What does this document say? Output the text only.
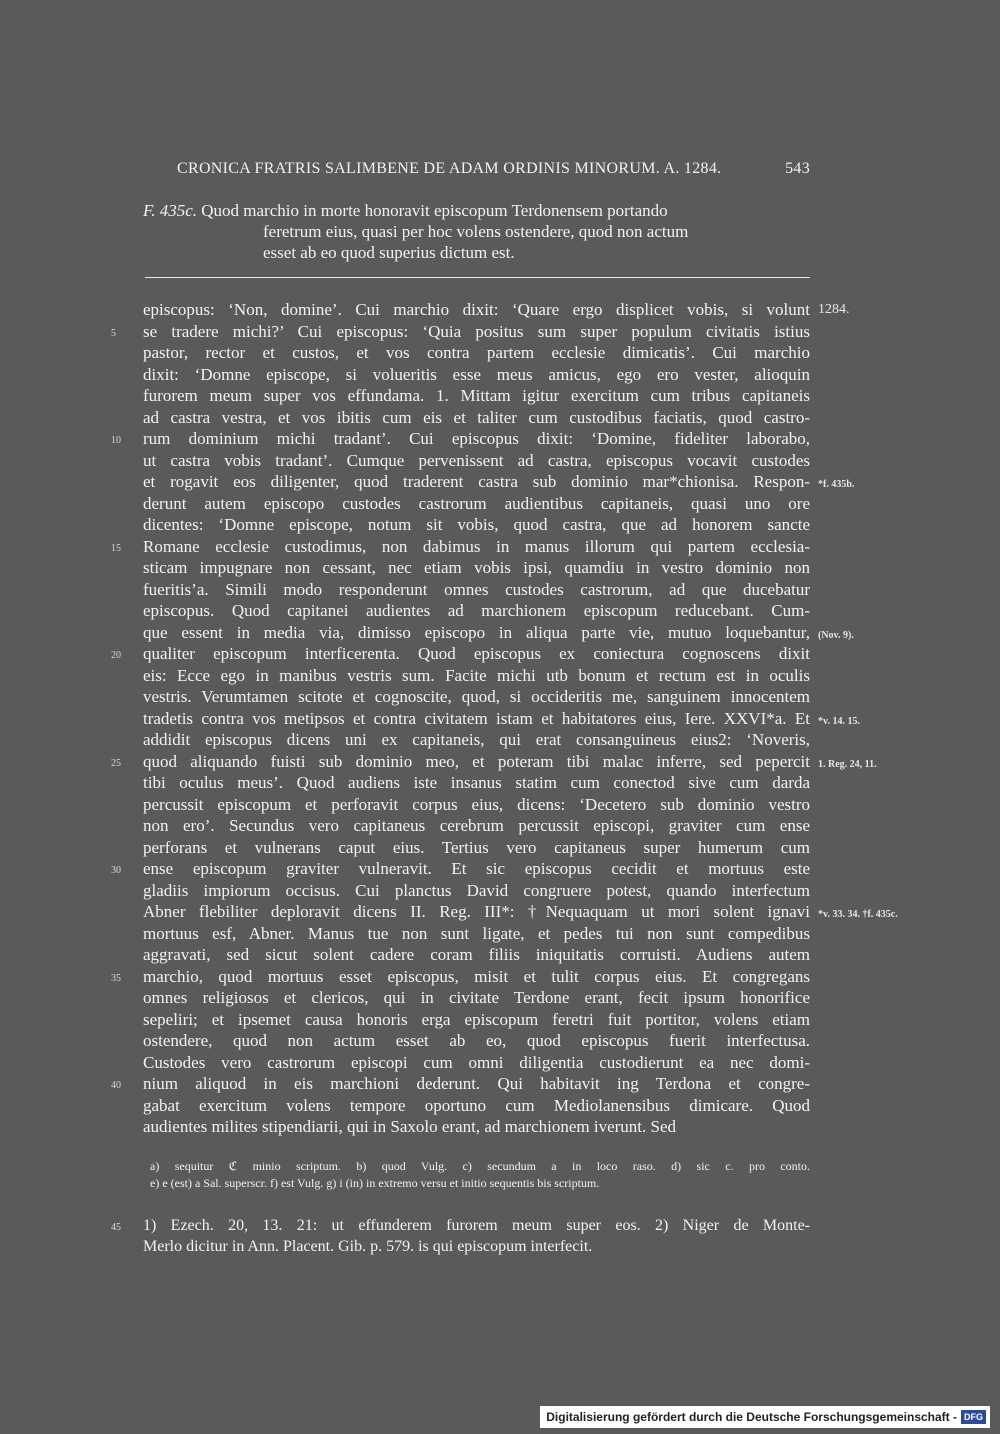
CRONICA FRATRIS SALIMBENE DE ADAM ORDINIS MINORUM. A. 1284.	543
F. 435c. Quod marchio in morte honoravit episcopum Terdonensem portando
feretrum eius, quasi per hoc volens ostendere, quod non actum
esset ab eo quod superius dictum est.
episcopus: ‘Non, domine’. Cui marchio dixit: ‘Quare ergo displicet vobis, si volunt 1284.
se tradere michi?’ Cui episcopus: ‘Quia positus sum super populum civitatis istius
5
pastor, rector et custos, et vos contra partem ecclesie dimicatis’. Cui marchio
dixit: ‘Domne episcope, si volueritis esse meus amicus, ego ero vester, alioquin
furorem meum super vos effundama. 1. Mittam igitur exercitum cum tribus capitaneis
ad castra vestra, et vos ibitis cum eis et taliter cum custodibus faciatis, quod castro-
rum dominium michi tradant’. Cui episcopus dixit: ‘Domine, fideliter laborabo,
10
ut castra vobis tradant’. Cumque pervenissent ad castra, episcopus vocavit custodes
et rogavit eos diligenter, quod traderent castra sub dominio mar*chionisa. Respon- *f. 435b.
derunt autem episcopo custodes castrorum audientibus capitaneis, quasi uno ore
dicentes: ‘Domne episcope, notum sit vobis, quod castra, que ad honorem sancte
Romane ecclesie custodimus, non dabimus in manus illorum qui partem ecclesia-
15
sticam impugnare non cessant, nec etiam vobis ipsi, quamdiu in vestro dominio non
fueritis’a. Simili modo responderunt omnes custodes castrorum, ad que ducebatur
episcopus. Quod capitanei audientes ad marchionem episcopum reducebant. Cum-
que essent in media via, dimisso episcopo in aliqua parte vie, mutuo loquebantur, (Nov. 9).
qualiter episcopum interficerenta. Quod episcopus ex coniectura cognoscens dixit
20
eis: Ecce ego in manibus vestris sum. Facite michi utb bonum et rectum est in oculis
vestris. Verumtamen scitote et cognoscite, quod, si occideritis me, sanguinem innocentem
tradetis contra vos metipsos et contra civitatem istam et habitatores eius, Iere. XXVI*a. Et *v. 14. 15.
addidit episcopus dicens uni ex capitaneis, qui erat consanguineus eius2: ‘Noveris,
quod aliquando fuisti sub dominio meo, et poteram tibi malac inferre, sed pepercit
25	1. Reg. 24, 11.
tibi oculus meus’. Quod audiens iste insanus statim cum conectod sive cum darda
percussit episcopum et perforavit corpus eius, dicens: ‘Decetero sub dominio vestro
non ero’. Secundus vero capitaneus cerebrum percussit episcopi, graviter cum ense
perforans et vulnerans caput eius. Tertius vero capitaneus super humerum cum
ense episcopum graviter vulneravit. Et sic episcopus cecidit et mortuus este
30
gladiis impiorum occisus. Cui planctus David congruere potest, quando interfectum
Abner flebiliter deploravit dicens II. Reg. III*: †Nequaquam ut mori solent ignavi *v. 33. 34. †f. 435c.
mortuus esf, Abner. Manus tue non sunt ligate, et pedes tui non sunt compedibus
aggravati, sed sicut solent cadere coram filiis iniquitatis corruisti. Audiens autem
marchio, quod mortuus esset episcopus, misit et tulit corpus eius. Et congregans
35
omnes religiosos et clericos, qui in civitate Terdone erant, fecit ipsum honorifice
sepeliri; et ipsemet causa honoris erga episcopum feretri fuit portitor, volens etiam
ostendere, quod non actum esset ab eo, quod episcopus fuerit interfectusa.
Custodes vero castrorum episcopi cum omni diligentia custodierunt ea nec domi-
nium aliquod in eis marchioni dederunt. Qui habitavit ing Terdona et congre-
40
gabat exercitum volens tempore oportuno cum Mediolanensibus dimicare. Quod
audientes milites stipendiarii, qui in Saxolo erant, ad marchionem iverunt. Sed
a) sequitur ℭ minio scriptum. b) quod Vulg. c) secundum a in loco raso. d) sic c. pro conto.
e) e (est) a Sal. superscr. f) est Vulg. g) i (in) in extremo versu et initio sequentis bis scriptum.
45	1) Ezech. 20, 13. 21: ut effunderem furorem meum super eos. 2) Niger de Monte-
Merlo dicitur in Ann. Placent. Gib. p. 579. is qui episcopum interfecit.
Digitalisierung gefördert durch die Deutsche Forschungsgemeinschaft - DFG
